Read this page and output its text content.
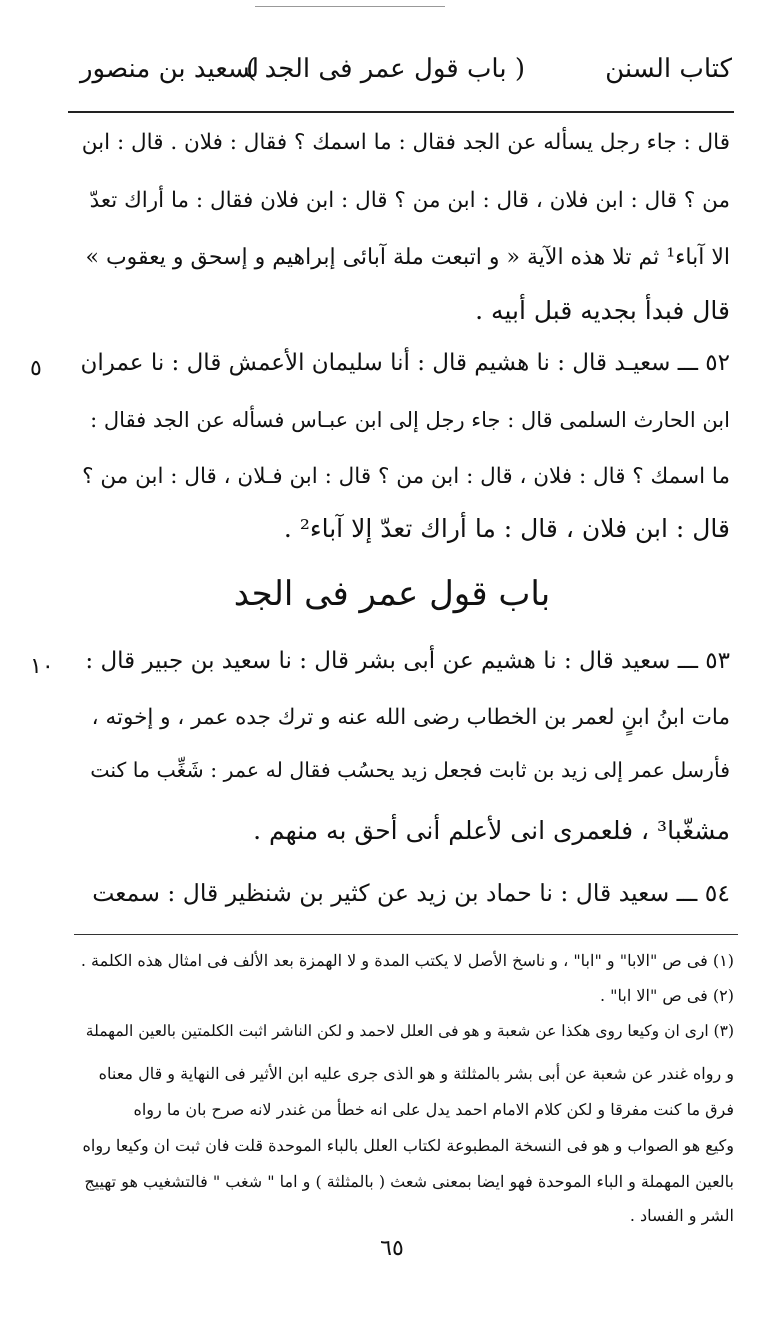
كتاب السنن
( باب قول عمر فى الجد )
لسعيد بن منصور
قال : جاء رجل يسأله عن الجد فقال : ما اسمك ؟ فقال : فلان . قال : ابن
من ؟ قال : ابن فلان ، قال : ابن من ؟ قال : ابن فلان فقال : ما أراك تعدّ
الا آباء¹ ثم تلا هذه الآية « و اتبعت ملة آبائى إبراهيم و إسحق و يعقوب »
قال فبدأ بجديه قبل أبيه .
٥ ٥٢ ـــ سعيـد قال : نا هشيم قال : أنا سليمان الأعمش قال : نا عمران
ابن الحارث السلمى قال : جاء رجل إلى ابن عبـاس فسأله عن الجد فقال :
ما اسمك ؟ قال : فلان ، قال : ابن من ؟ قال : ابن فـلان ، قال : ابن من ؟
قال : ابن فلان ، قال : ما أراك تعدّ إلا آباء² .
باب قول عمر فى الجد
١٠ ٥٣ ـــ سعيد قال : نا هشيم عن أبى بشر قال : نا سعيد بن جبير قال :
مات ابنُ ابنٍ لعمر بن الخطاب رضى الله عنه و ترك جده عمر ، و إخوته ،
فأرسل عمر إلى زيد بن ثابت فجعل زيد يحسُب فقال له عمر : شَغِّب ما كنت
مشغّبا³ ، فلعمرى انى لأعلم أنى أحق به منهم .
٥٤ ـــ سعيد قال : نا حماد بن زيد عن كثير بن شنظير قال : سمعت
(١) فى ص "الابا" و "ابا" ، و ناسخ الأصل لا يكتب المدة و لا الهمزة بعد الألف فى امثال هذه الكلمة .
(٢) فى ص "الا ابا" .
(٣) ارى ان وكيعا روى هكذا عن شعبة و هو فى العلل لاحمد و لكن الناشر اثبت الكلمتين بالعين المهملة
و رواه غندر عن شعبة عن أبى بشر بالمثلثة و هو الذى جرى عليه ابن الأثير فى النهاية و قال معناه
فرق ما كنت مفرقا و لكن كلام الامام احمد يدل على انه خطأ من غندر لانه صرح بان ما رواه
وكيع هو الصواب و هو فى النسخة المطبوعة لكتاب العلل بالباء الموحدة قلت فان ثبت ان وكيعا رواه
بالعين المهملة و الباء الموحدة فهو ايضا بمعنى شعث ( بالمثلثة ) و اما " شغب " فالتشغيب هو تهييج
الشر و الفساد .
٦٥
